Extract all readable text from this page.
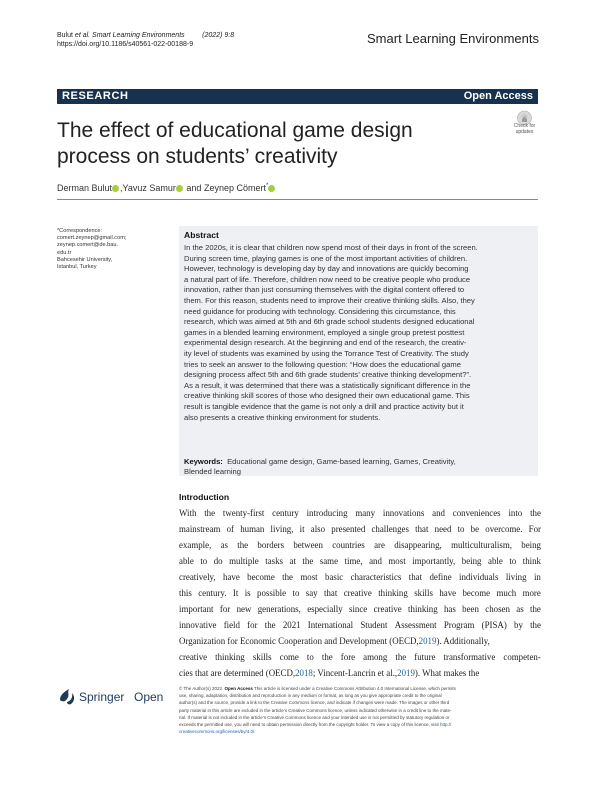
Bulut et al. Smart Learning Environments	(2022) 9:8
https://doi.org/10.1186/s40561-022-00188-9	Smart Learning Environments
RESEARCH	Open Access
The effect of educational game design
process on students’ creativity
Check for
updates
Derman Bulut ,Yavuz Samur and Zeynep Cömert*
*Correspondence:
comert.zeynep@gmail.com;
zeynep.comert@de.bau.
edu.tr
Bahcesehir University,
Istanbul, Turkey
Abstract
In the 2020s, it is clear that children now spend most of their days in front of the screen.
During screen time, playing games is one of the most important activities of children.
However, technology is developing day by day and innovations are quickly becoming
a natural part of life. Therefore, children now need to be creative people who produce
innovation, rather than just consuming themselves with the digital content offered to
them. For this reason, students need to improve their creative thinking skills. Also, they
need guidance for producing with technology. Considering this circumstance, this
research, which was aimed at 5th and 6th grade school students designed educational
games in a blended learning environment, employed a single group pretest posttest
experimental design research. At the beginning and end of the research, the creativ-
ity level of students was examined by using the Torrance Test of Creativity. The study
tries to seek an answer to the following question: “How does the educational game
designing process affect 5th and 6th grade students’ creative thinking development?”.
As a result, it was determined that there was a statistically significant difference in the
creative thinking skill scores of those who designed their own educational game. This
result is tangible evidence that the game is not only a drill and practice activity but it
also presents a creative thinking environment for students.
Keywords: Educational game design, Game-based learning, Games, Creativity,
Blended learning
Introduction
With the twenty-first century introducing many innovations and conveniences into the
mainstream of human living, it also presented challenges that need to be overcome. For
example, as the borders between countries are disappearing, multiculturalism, being
able to do multiple tasks at the same time, and most importantly, being able to think
creatively, have become the most basic characteristics that define individuals living in
this century. It is possible to say that creative thinking skills have become much more
important for new generations, especially since creative thinking has been chosen as the
innovative field for the 2021 International Student Assessment Program (PISA) by the
Organization for Economic Cooperation and Development (OECD, 2019 ). Additionally,
creative thinking skills come to the fore among the future transformative competen-
cies that are determined (OECD, 2018 ; Vincent-Lancrin et al., 2019 ). What makes the
Springer Open
© The Author(s) 2022. Open Access This article is licensed under a Creative Commons Attribution 4.0 International License, which permits
use, sharing, adaptation, distribution and reproduction in any medium or format, as long as you give appropriate credit to the original
author(s) and the source, provide a link to the Creative Commons licence, and indicate if changes were made. The images or other third
party material in this article are included in the article’s Creative Commons licence, unless indicated otherwise in a credit line to the mate-
rial. If material is not included in the article’s Creative Commons licence and your intended use is not permitted by statutory regulation or
exceeds the permitted use, you will need to obtain permission directly from the copyright holder. To view a copy of this licence, visit http://
creativecommons.org/licenses/by/4.0/.
